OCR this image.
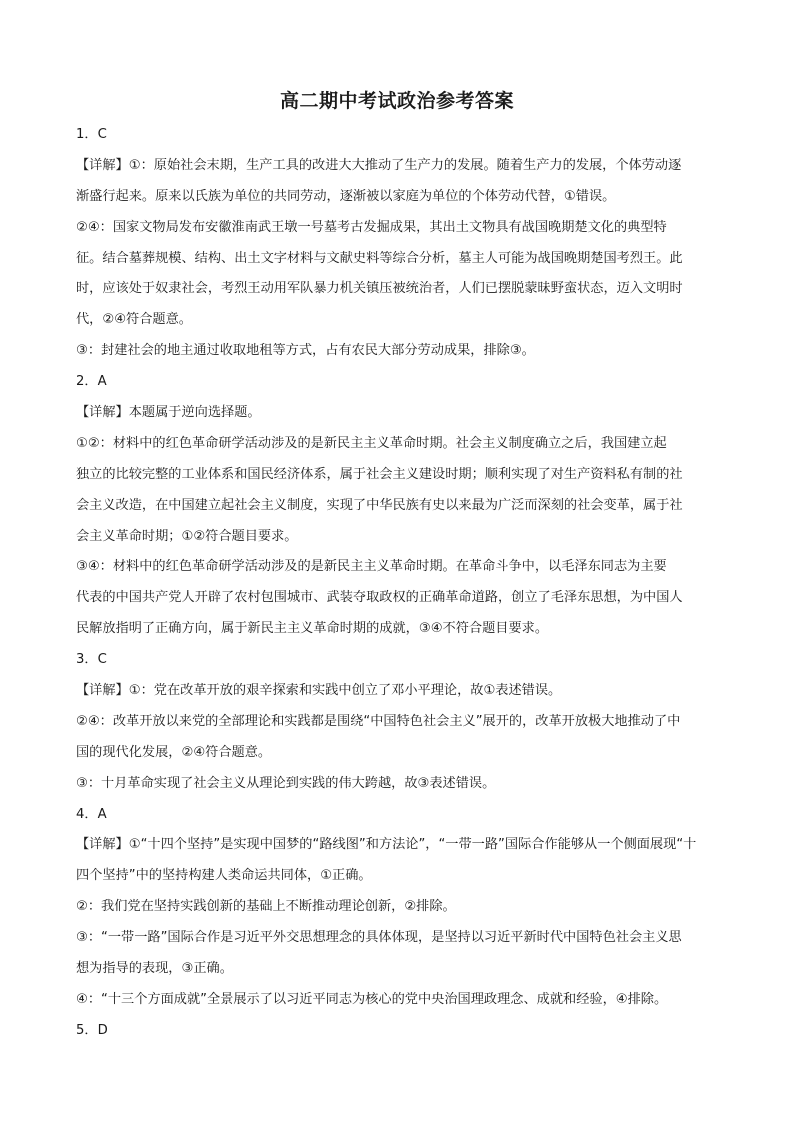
高二期中考试政治参考答案
1．C
【详解】①：原始社会末期，生产工具的改进大大推动了生产力的发展。随着生产力的发展，个体劳动逐
渐盛行起来。原来以氏族为单位的共同劳动，逐渐被以家庭为单位的个体劳动代替，①错误。
②④：国家文物局发布安徽淮南武王墩一号墓考古发掘成果，其出土文物具有战国晚期楚文化的典型特
征。结合墓葬规模、结构、出土文字材料与文献史料等综合分析，墓主人可能为战国晚期楚国考烈王。此
时，应该处于奴隶社会，考烈王动用军队暴力机关镇压被统治者，人们已摆脱蒙昧野蛮状态，迈入文明时
代，②④符合题意。
③：封建社会的地主通过收取地租等方式，占有农民大部分劳动成果，排除③。
2．A
【详解】本题属于逆向选择题。
①②：材料中的红色革命研学活动涉及的是新民主主义革命时期。社会主义制度确立之后，我国建立起
独立的比较完整的工业体系和国民经济体系，属于社会主义建设时期；顺利实现了对生产资料私有制的社
会主义改造，在中国建立起社会主义制度，实现了中华民族有史以来最为广泛而深刻的社会变革，属于社
会主义革命时期；①②符合题目要求。
③④：材料中的红色革命研学活动涉及的是新民主主义革命时期。在革命斗争中，以毛泽东同志为主要
代表的中国共产党人开辟了农村包围城市、武装夺取政权的正确革命道路，创立了毛泽东思想，为中国人
民解放指明了正确方向，属于新民主主义革命时期的成就，③④不符合题目要求。
3．C
【详解】①：党在改革开放的艰辛探索和实践中创立了邓小平理论，故①表述错误。
②④：改革开放以来党的全部理论和实践都是围绕“中国特色社会主义”展开的，改革开放极大地推动了中
国的现代化发展，②④符合题意。
③：十月革命实现了社会主义从理论到实践的伟大跨越，故③表述错误。
4．A
【详解】①“十四个坚持”是实现中国梦的“路线图”和方法论”，“一带一路”国际合作能够从一个侧面展现“十
四个坚持”中的坚持构建人类命运共同体，①正确。
②：我们党在坚持实践创新的基础上不断推动理论创新，②排除。
③：“一带一路”国际合作是习近平外交思想理念的具体体现，是坚持以习近平新时代中国特色社会主义思
想为指导的表现，③正确。
④：“十三个方面成就”全景展示了以习近平同志为核心的党中央治国理政理念、成就和经验，④排除。
5．D
